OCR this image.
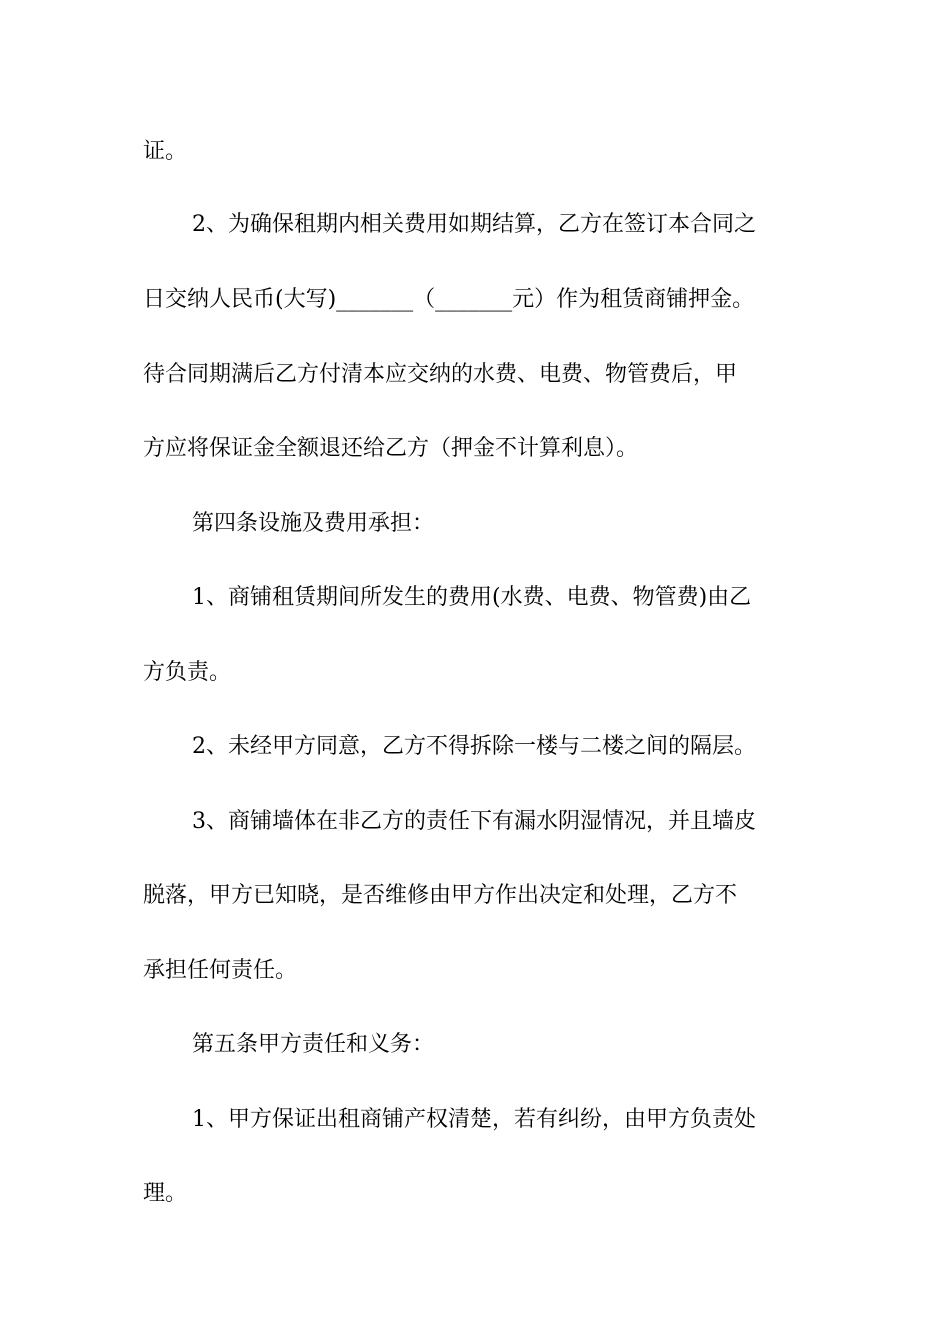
证。

2、为确保租期内相关费用如期结算，乙方在签订本合同之

日交纳人民币(大写)_______（_______元）作为租赁商铺押金。

待合同期满后乙方付清本应交纳的水费、电费、物管费后，甲

方应将保证金全额退还给乙方（押金不计算利息）。

第四条设施及费用承担：

1、商铺租赁期间所发生的费用(水费、电费、物管费)由乙

方负责。

2、未经甲方同意，乙方不得拆除一楼与二楼之间的隔层。

3、商铺墙体在非乙方的责任下有漏水阴湿情况，并且墙皮

脱落，甲方已知晓，是否维修由甲方作出决定和处理，乙方不

承担任何责任。

第五条甲方责任和义务：

1、甲方保证出租商铺产权清楚，若有纠纷，由甲方负责处

理。
